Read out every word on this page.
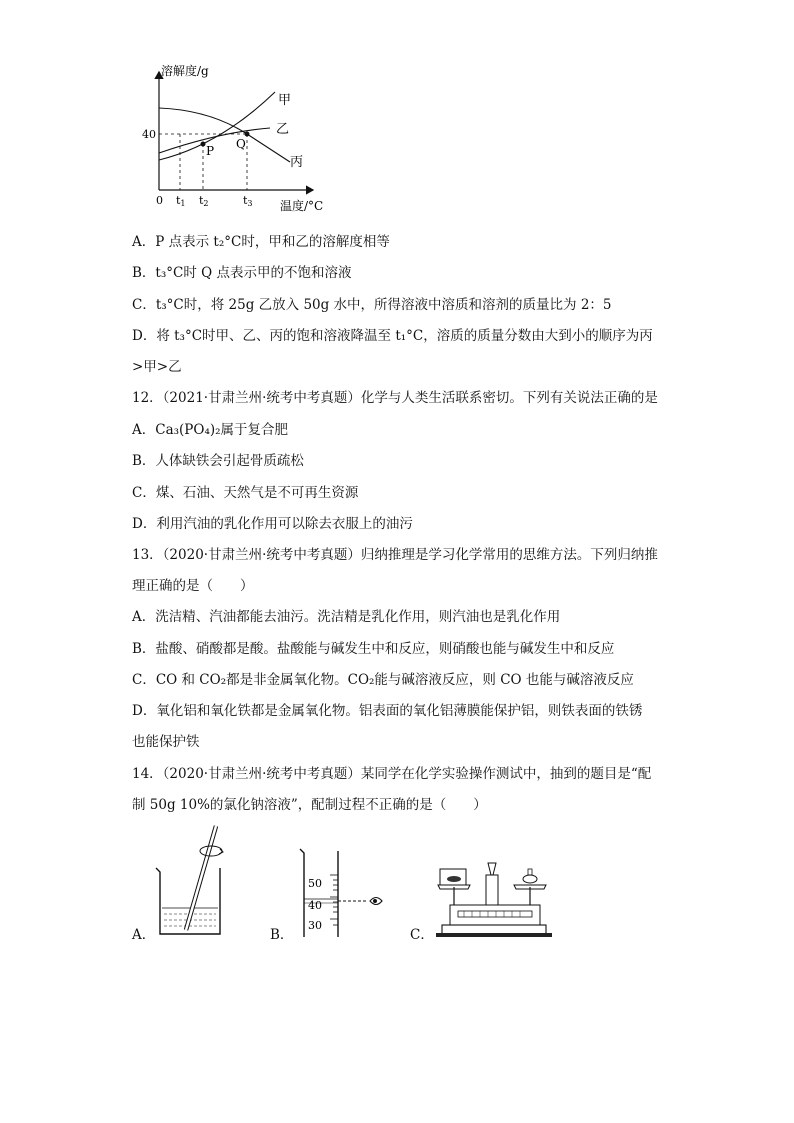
溶解度/g
温度/°C
40
0 t1 t2	t3
甲
乙
丙
P Q
A．P 点表示 t₂°C时，甲和乙的溶解度相等
B．t₃°C时 Q 点表示甲的不饱和溶液
C．t₃°C时，将 25g 乙放入 50g 水中，所得溶液中溶质和溶剂的质量比为 2：5
D．将 t₃°C时甲、乙、丙的饱和溶液降温至 t₁°C，溶质的质量分数由大到小的顺序为丙
>甲>乙
12．（2021·甘肃兰州·统考中考真题）化学与人类生活联系密切。下列有关说法正确的是
A．Ca₃(PO₄)₂属于复合肥
B．人体缺铁会引起骨质疏松
C．煤、石油、天然气是不可再生资源
D．利用汽油的乳化作用可以除去衣服上的油污
13．（2020·甘肃兰州·统考中考真题）归纳推理是学习化学常用的思维方法。下列归纳推
理正确的是（　　）
A．洗洁精、汽油都能去油污。洗洁精是乳化作用，则汽油也是乳化作用
B．盐酸、硝酸都是酸。盐酸能与碱发生中和反应，则硝酸也能与碱发生中和反应
C．CO 和 CO₂都是非金属氧化物。CO₂能与碱溶液反应，则 CO 也能与碱溶液反应
D．氧化铝和氧化铁都是金属氧化物。铝表面的氧化铝薄膜能保护铝，则铁表面的铁锈
也能保护铁
14．（2020·甘肃兰州·统考中考真题）某同学在化学实验操作测试中，抽到的题目是“配
制 50g 10%的氯化钠溶液”，配制过程不正确的是（　　）
A．	B．
50
40
30
C．
